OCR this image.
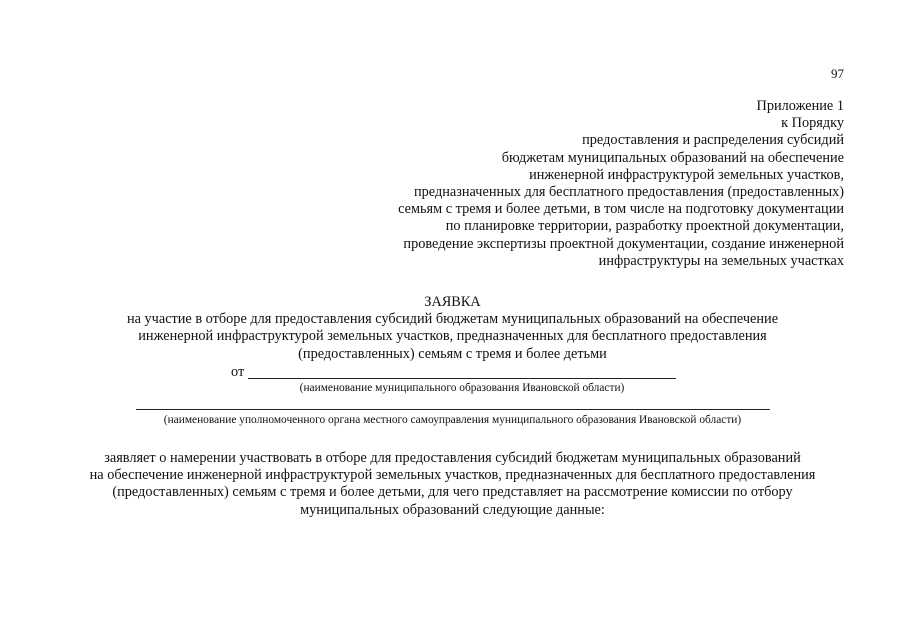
97
Приложение 1
к Порядку
предоставления и распределения субсидий
бюджетам муниципальных образований на обеспечение
инженерной инфраструктурой земельных участков,
предназначенных для бесплатного предоставления (предоставленных)
семьям с тремя и более детьми, в том числе на подготовку документации
по планировке территории, разработку проектной документации,
проведение экспертизы проектной документации, создание инженерной
инфраструктуры на земельных участках
ЗАЯВКА
на участие в отборе для предоставления субсидий бюджетам муниципальных образований на обеспечение
инженерной инфраструктурой земельных участков, предназначенных для бесплатного предоставления
(предоставленных) семьям с тремя и более детьми
от
(наименование муниципального образования Ивановской области)
(наименование уполномоченного органа местного самоуправления муниципального образования Ивановской области)
заявляет о намерении участвовать в отборе для предоставления субсидий бюджетам муниципальных образований
на обеспечение инженерной инфраструктурой земельных участков, предназначенных для бесплатного предоставления
(предоставленных) семьям с тремя и более детьми, для чего представляет на рассмотрение комиссии по отбору
муниципальных образований следующие данные:
